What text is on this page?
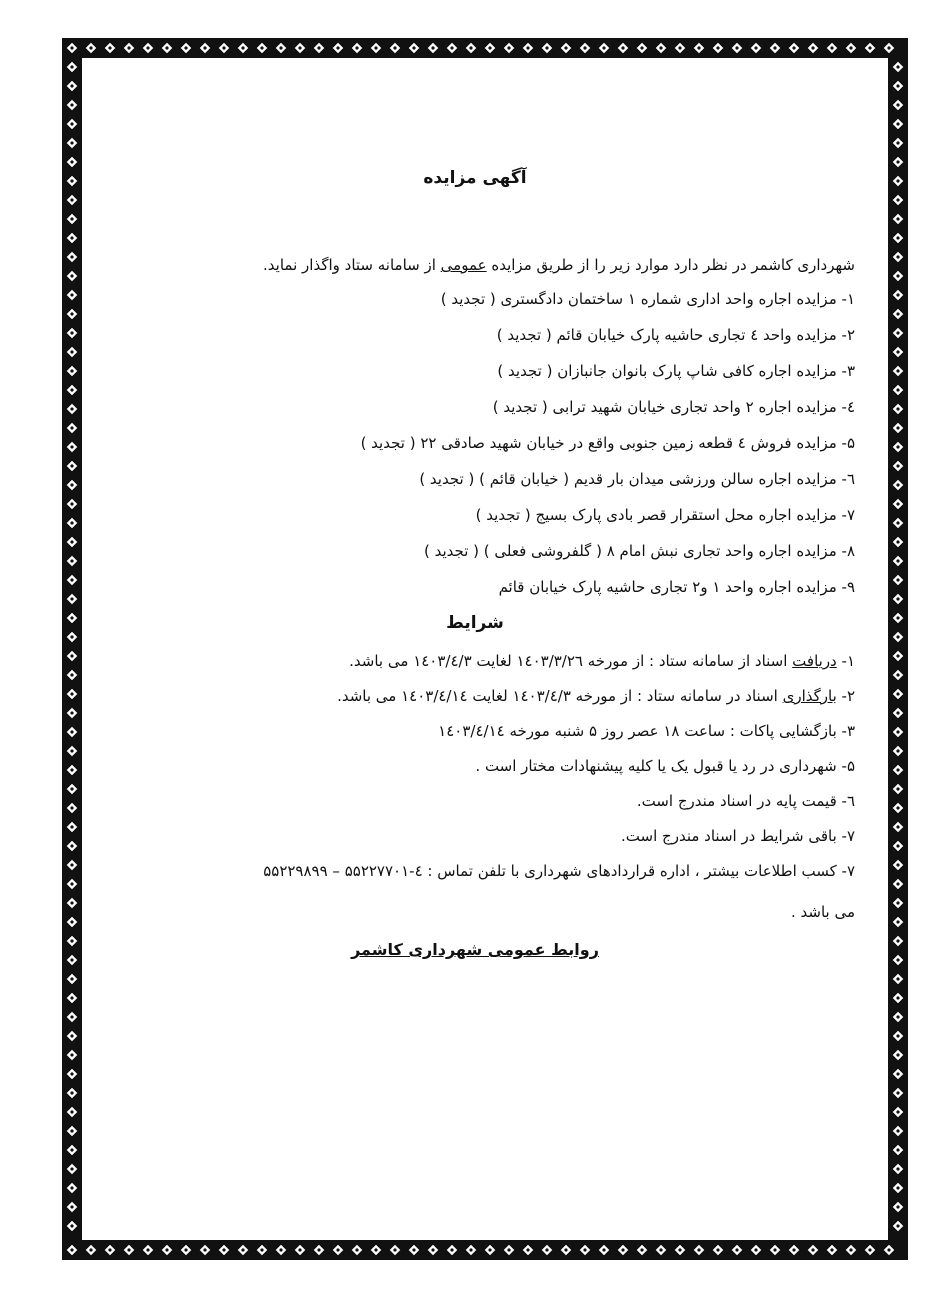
آگهی مزایده
شهرداری کاشمر در نظر دارد موارد زیر را از طریق مزایده عمومی از سامانه ستاد واگذار نماید.
۱- مزایده اجاره واحد اداری شماره ۱ ساختمان دادگستری ( تجدید )
۲- مزایده واحد ٤ تجاری حاشیه پارک خیابان قائم ( تجدید )
۳- مزایده اجاره کافی شاپ پارک بانوان جانبازان ( تجدید )
٤- مزایده اجاره ۲ واحد تجاری خیابان شهید ترابی ( تجدید )
۵- مزایده فروش ٤ قطعه زمین جنوبی واقع در خیابان شهید صادقی ۲۲ ( تجدید )
٦- مزایده اجاره سالن ورزشی میدان بار قدیم ( خیابان قائم ) ( تجدید )
۷- مزایده اجاره محل استقرار قصر بادی پارک بسیج ( تجدید )
۸- مزایده اجاره واحد تجاری نبش امام ۸ ( گلفروشی فعلی ) ( تجدید )
۹- مزایده اجاره واحد ۱ و۲ تجاری حاشیه پارک خیابان قائم
شرایط
۱- دریافت اسناد از سامانه ستاد : از مورخه ۱٤۰۳/۳/۲٦ لغایت ۱٤۰۳/٤/۳ می باشد.
۲- بارگذاری اسناد در سامانه ستاد : از مورخه ۱٤۰۳/٤/۳ لغایت ۱٤۰۳/٤/۱٤ می باشد.
۳- بازگشایی پاکات : ساعت ۱۸ عصر روز ۵ شنبه مورخه ۱٤۰۳/٤/۱٤
۵- شهرداری در رد یا قبول یک یا کلیه پیشنهادات مختار است .
٦- قیمت پایه در اسناد مندرج است.
۷- باقی شرایط در اسناد مندرج است.
۷- کسب اطلاعات بیشتر ، اداره قراردادهای شهرداری با تلفن تماس : ٤-۵۵۲۲۷۷۰۱ – ۵۵۲۲۹۸۹۹
می باشد .
روابط عمومی شهرداری کاشمر
